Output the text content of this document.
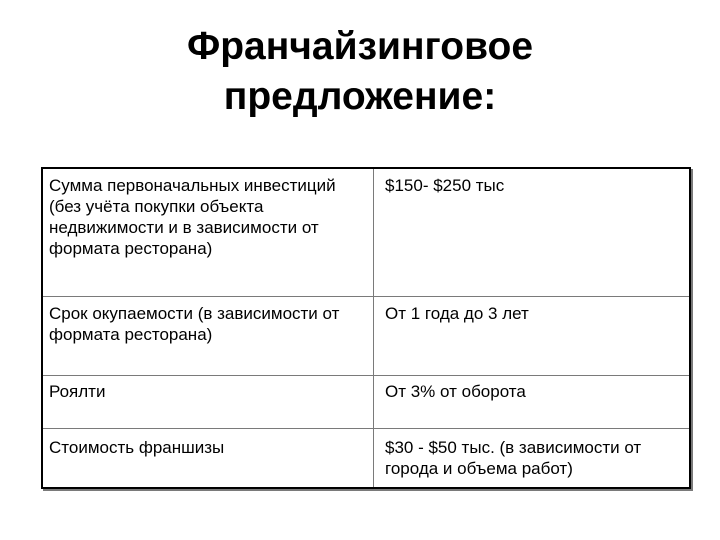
Франчайзинговое
предложение:
Сумма первоначальных инвестиций (без учёта покупки объекта недвижимости и в зависимости от формата ресторана)	$150- $250 тыс
Срок окупаемости (в зависимости от формата ресторана)	От 1 года до 3 лет
Роялти	От 3% от оборота
Стоимость франшизы	$30 - $50 тыс. (в зависимости от города и объема работ)
